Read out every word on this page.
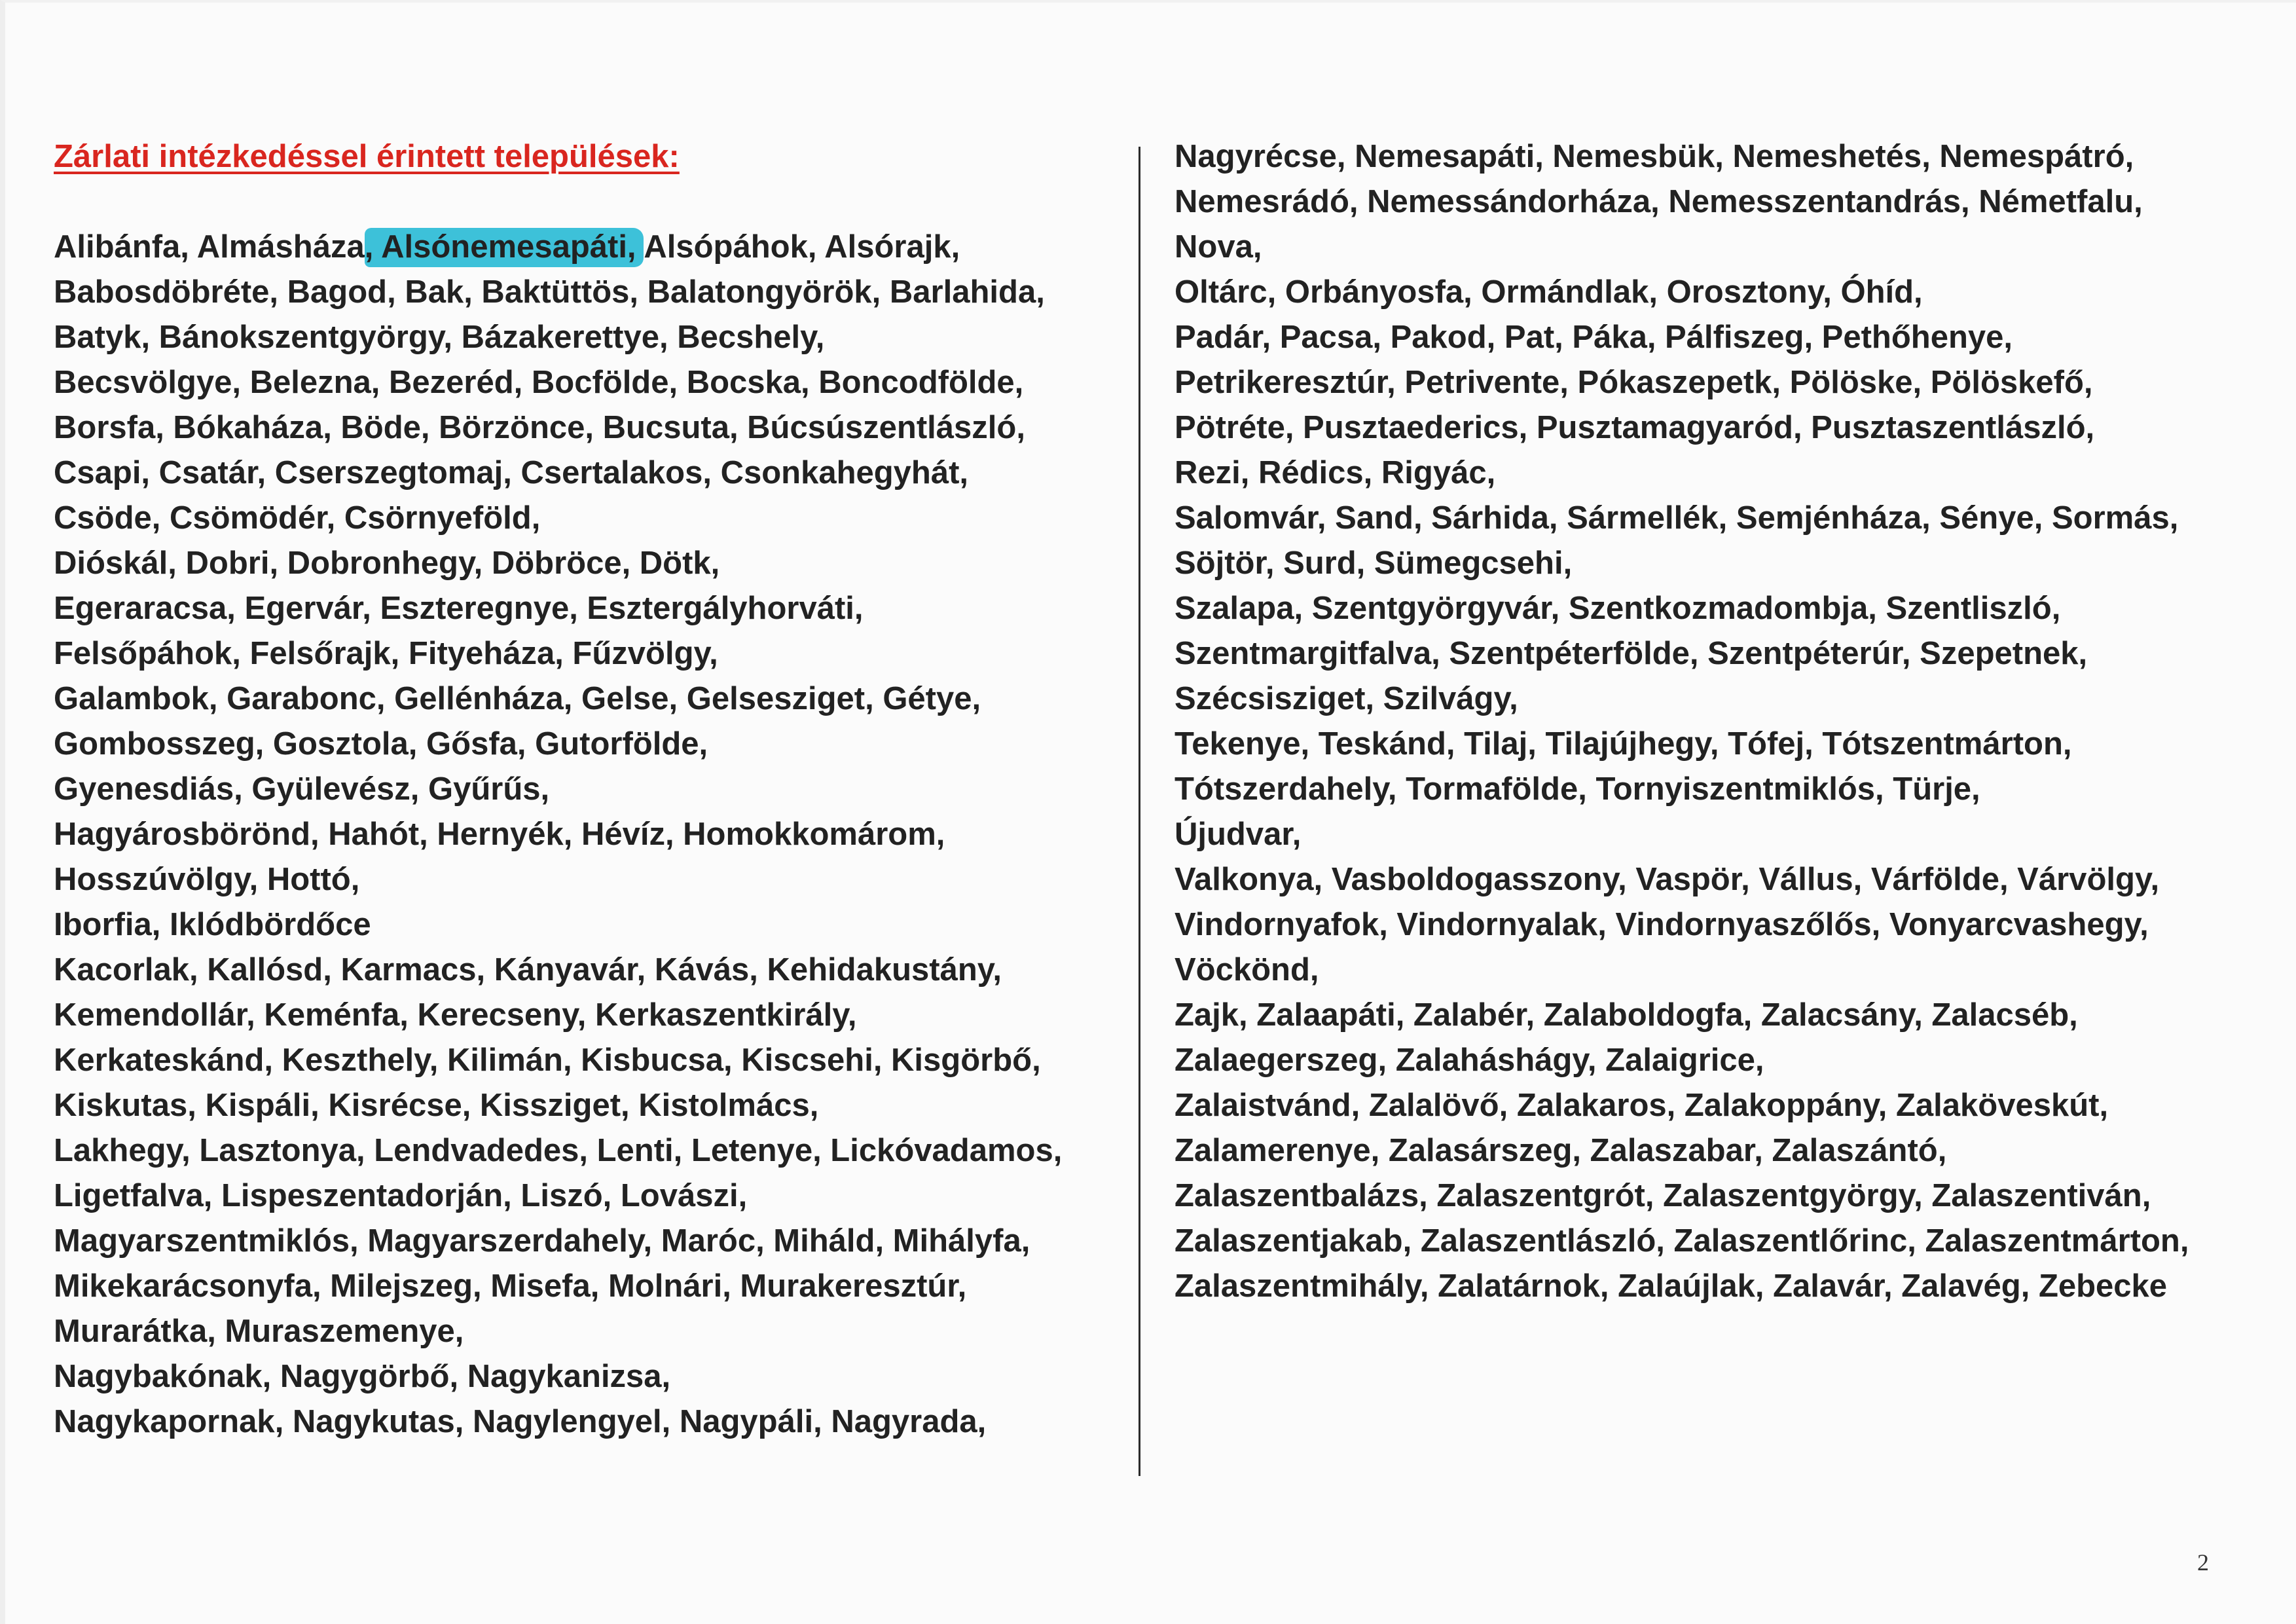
Zárlati intézkedéssel érintett települések:
Alibánfa, Almásháza, Alsónemesapáti, Alsópáhok, Alsórajk,
Babosdöbréte, Bagod, Bak, Baktüttös, Balatongyörök, Barlahida,
Batyk, Bánokszentgyörgy, Bázakerettye, Becshely,
Becsvölgye, Belezna, Bezeréd, Bocfölde, Bocska, Boncodfölde,
Borsfa, Bókaháza, Böde, Börzönce, Bucsuta, Búcsúszentlászló,
Csapi, Csatár, Cserszegtomaj, Csertalakos, Csonkahegyhát,
Csöde, Csömödér, Csörnyeföld,
Dióskál, Dobri, Dobronhegy, Döbröce, Dötk,
Egeraracsa, Egervár, Eszteregnye, Esztergályhorváti,
Felsőpáhok, Felsőrajk, Fityeháza, Fűzvölgy,
Galambok, Garabonc, Gellénháza, Gelse, Gelsesziget, Gétye,
Gombosszeg, Gosztola, Gősfa, Gutorfölde,
Gyenesdiás, Gyülevész, Gyűrűs,
Hagyárosbörönd, Hahót, Hernyék, Hévíz, Homokkomárom,
Hosszúvölgy, Hottó,
Iborfia, Iklódbördőce
Kacorlak, Kallósd, Karmacs, Kányavár, Kávás, Kehidakustány,
Kemendollár, Keménfa, Kerecseny, Kerkaszentkirály,
Kerkateskánd, Keszthely, Kilimán, Kisbucsa, Kiscsehi, Kisgörbő,
Kiskutas, Kispáli, Kisrécse, Kissziget, Kistolmács,
Lakhegy, Lasztonya, Lendvadedes, Lenti, Letenye, Lickóvadamos,
Ligetfalva, Lispeszentadorján, Liszó, Lovászi,
Magyarszentmiklós, Magyarszerdahely, Maróc, Miháld, Mihályfa,
Mikekarácsonyfa, Milejszeg, Misefa, Molnári, Murakeresztúr,
Murarátka, Muraszemenye,
Nagybakónak, Nagygörbő, Nagykanizsa,
Nagykapornak, Nagykutas, Nagylengyel, Nagypáli, Nagyrada,
Nagyrécse, Nemesapáti, Nemesbük, Nemeshetés, Nemespátró,
Nemesrádó, Nemessándorháza, Nemesszentandrás, Németfalu,
Nova,
Oltárc, Orbányosfa, Ormándlak, Orosztony, Óhíd,
Padár, Pacsa, Pakod, Pat, Páka, Pálfiszeg, Pethőhenye,
Petrikeresztúr, Petrivente, Pókaszepetk, Pölöske, Pölöskefő,
Pötréte, Pusztaederics, Pusztamagyaród, Pusztaszentlászló,
Rezi, Rédics, Rigyác,
Salomvár, Sand, Sárhida, Sármellék, Semjénháza, Sénye, Sormás,
Söjtör, Surd, Sümegcsehi,
Szalapa, Szentgyörgyvár, Szentkozmadombja, Szentliszló,
Szentmargitfalva, Szentpéterfölde, Szentpéterúr, Szepetnek,
Szécsisziget, Szilvágy,
Tekenye, Teskánd, Tilaj, Tilajújhegy, Tófej, Tótszentmárton,
Tótszerdahely, Tormafölde, Tornyiszentmiklós, Türje,
Újudvar,
Valkonya, Vasboldogasszony, Vaspör, Vállus, Várfölde, Várvölgy,
Vindornyafok, Vindornyalak, Vindornyaszőlős, Vonyarcvashegy,
Vöckönd,
Zajk, Zalaapáti, Zalabér, Zalaboldogfa, Zalacsány, Zalacséb,
Zalaegerszeg, Zalaháshágy, Zalaigrice,
Zalaistvánd, Zalalövő, Zalakaros, Zalakoppány, Zalaköveskút,
Zalamerenye, Zalasárszeg, Zalaszabar, Zalaszántó,
Zalaszentbalázs, Zalaszentgrót, Zalaszentgyörgy, Zalaszentiván,
Zalaszentjakab, Zalaszentlászló, Zalaszentlőrinc, Zalaszentmárton,
Zalaszentmihály, Zalatárnok, Zalaújlak, Zalavár, Zalavég, Zebecke
2
